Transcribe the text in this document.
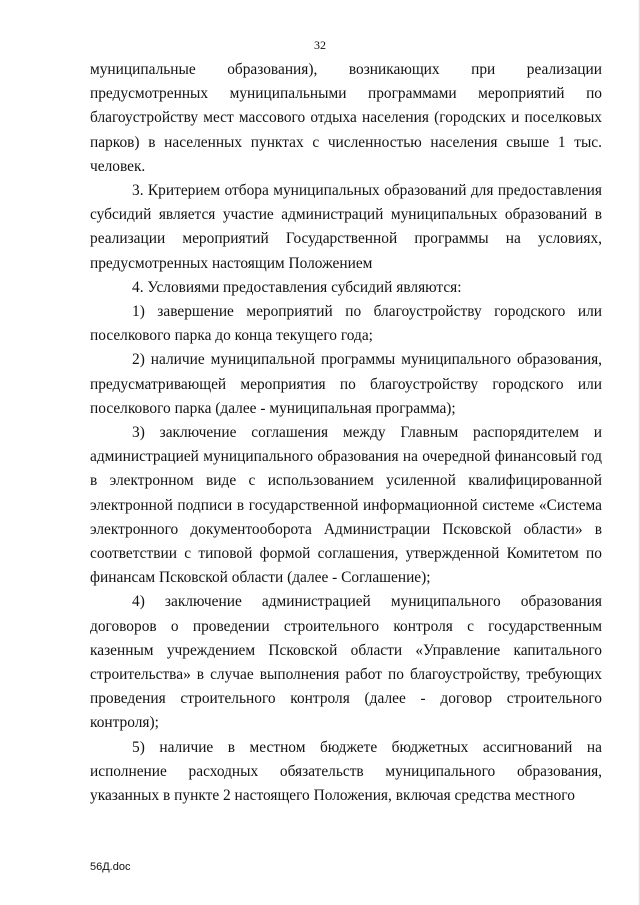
32

муниципальные образования), возникающих при реализации предусмотренных муниципальными программами мероприятий по благоустройству мест массового отдыха населения (городских и поселковых парков) в населенных пунктах с численностью населения свыше 1 тыс. человек.

3. Критерием отбора муниципальных образований для предоставления субсидий является участие администраций муниципальных образований в реализации мероприятий Государственной программы на условиях, предусмотренных настоящим Положением

4. Условиями предоставления субсидий являются:

1) завершение мероприятий по благоустройству городского или поселкового парка до конца текущего года;

2) наличие муниципальной программы муниципального образования, предусматривающей мероприятия по благоустройству городского или поселкового парка (далее - муниципальная программа);

3) заключение соглашения между Главным распорядителем и администрацией муниципального образования на очередной финансовый год в электронном виде с использованием усиленной квалифицированной электронной подписи в государственной информационной системе «Система электронного документооборота Администрации Псковской области» в соответствии с типовой формой соглашения, утвержденной Комитетом по финансам Псковской области (далее - Соглашение);

4) заключение администрацией муниципального образования договоров о проведении строительного контроля с государственным казенным учреждением Псковской области «Управление капитального строительства» в случае выполнения работ по благоустройству, требующих проведения строительного контроля (далее - договор строительного контроля);

5) наличие в местном бюджете бюджетных ассигнований на исполнение расходных обязательств муниципального образования, указанных в пункте 2 настоящего Положения, включая средства местного

56Д.doc
